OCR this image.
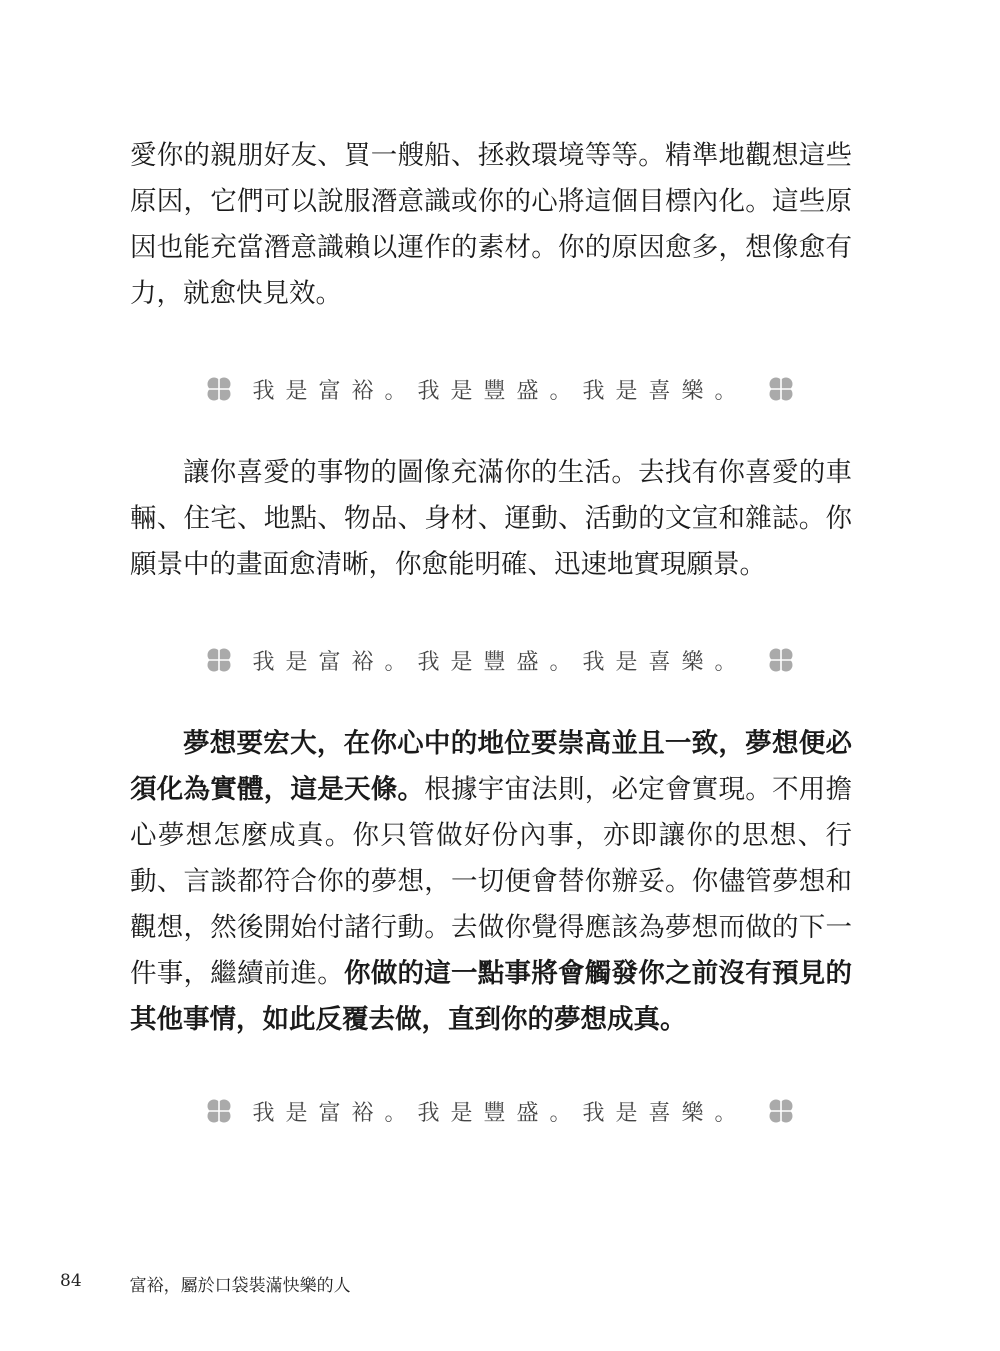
愛你的親朋好友、買一艘船、拯救環境等等。精準地觀想這些原因，它們可以說服潛意識或你的心將這個目標內化。這些原因也能充當潛意識賴以運作的素材。你的原因愈多，想像愈有力，就愈快見效。

我是富裕。我是豐盛。我是喜樂。

讓你喜愛的事物的圖像充滿你的生活。去找有你喜愛的車輛、住宅、地點、物品、身材、運動、活動的文宣和雜誌。你願景中的畫面愈清晰，你愈能明確、迅速地實現願景。

我是富裕。我是豐盛。我是喜樂。

夢想要宏大，在你心中的地位要崇高並且一致，夢想便必須化為實體，這是天條。根據宇宙法則，必定會實現。不用擔心夢想怎麼成真。你只管做好份內事，亦即讓你的思想、行動、言談都符合你的夢想，一切便會替你辦妥。你儘管夢想和觀想，然後開始付諸行動。去做你覺得應該為夢想而做的下一件事，繼續前進。你做的這一點事將會觸發你之前沒有預見的其他事情，如此反覆去做，直到你的夢想成真。

我是富裕。我是豐盛。我是喜樂。
84	富裕，屬於口袋裝滿快樂的人
